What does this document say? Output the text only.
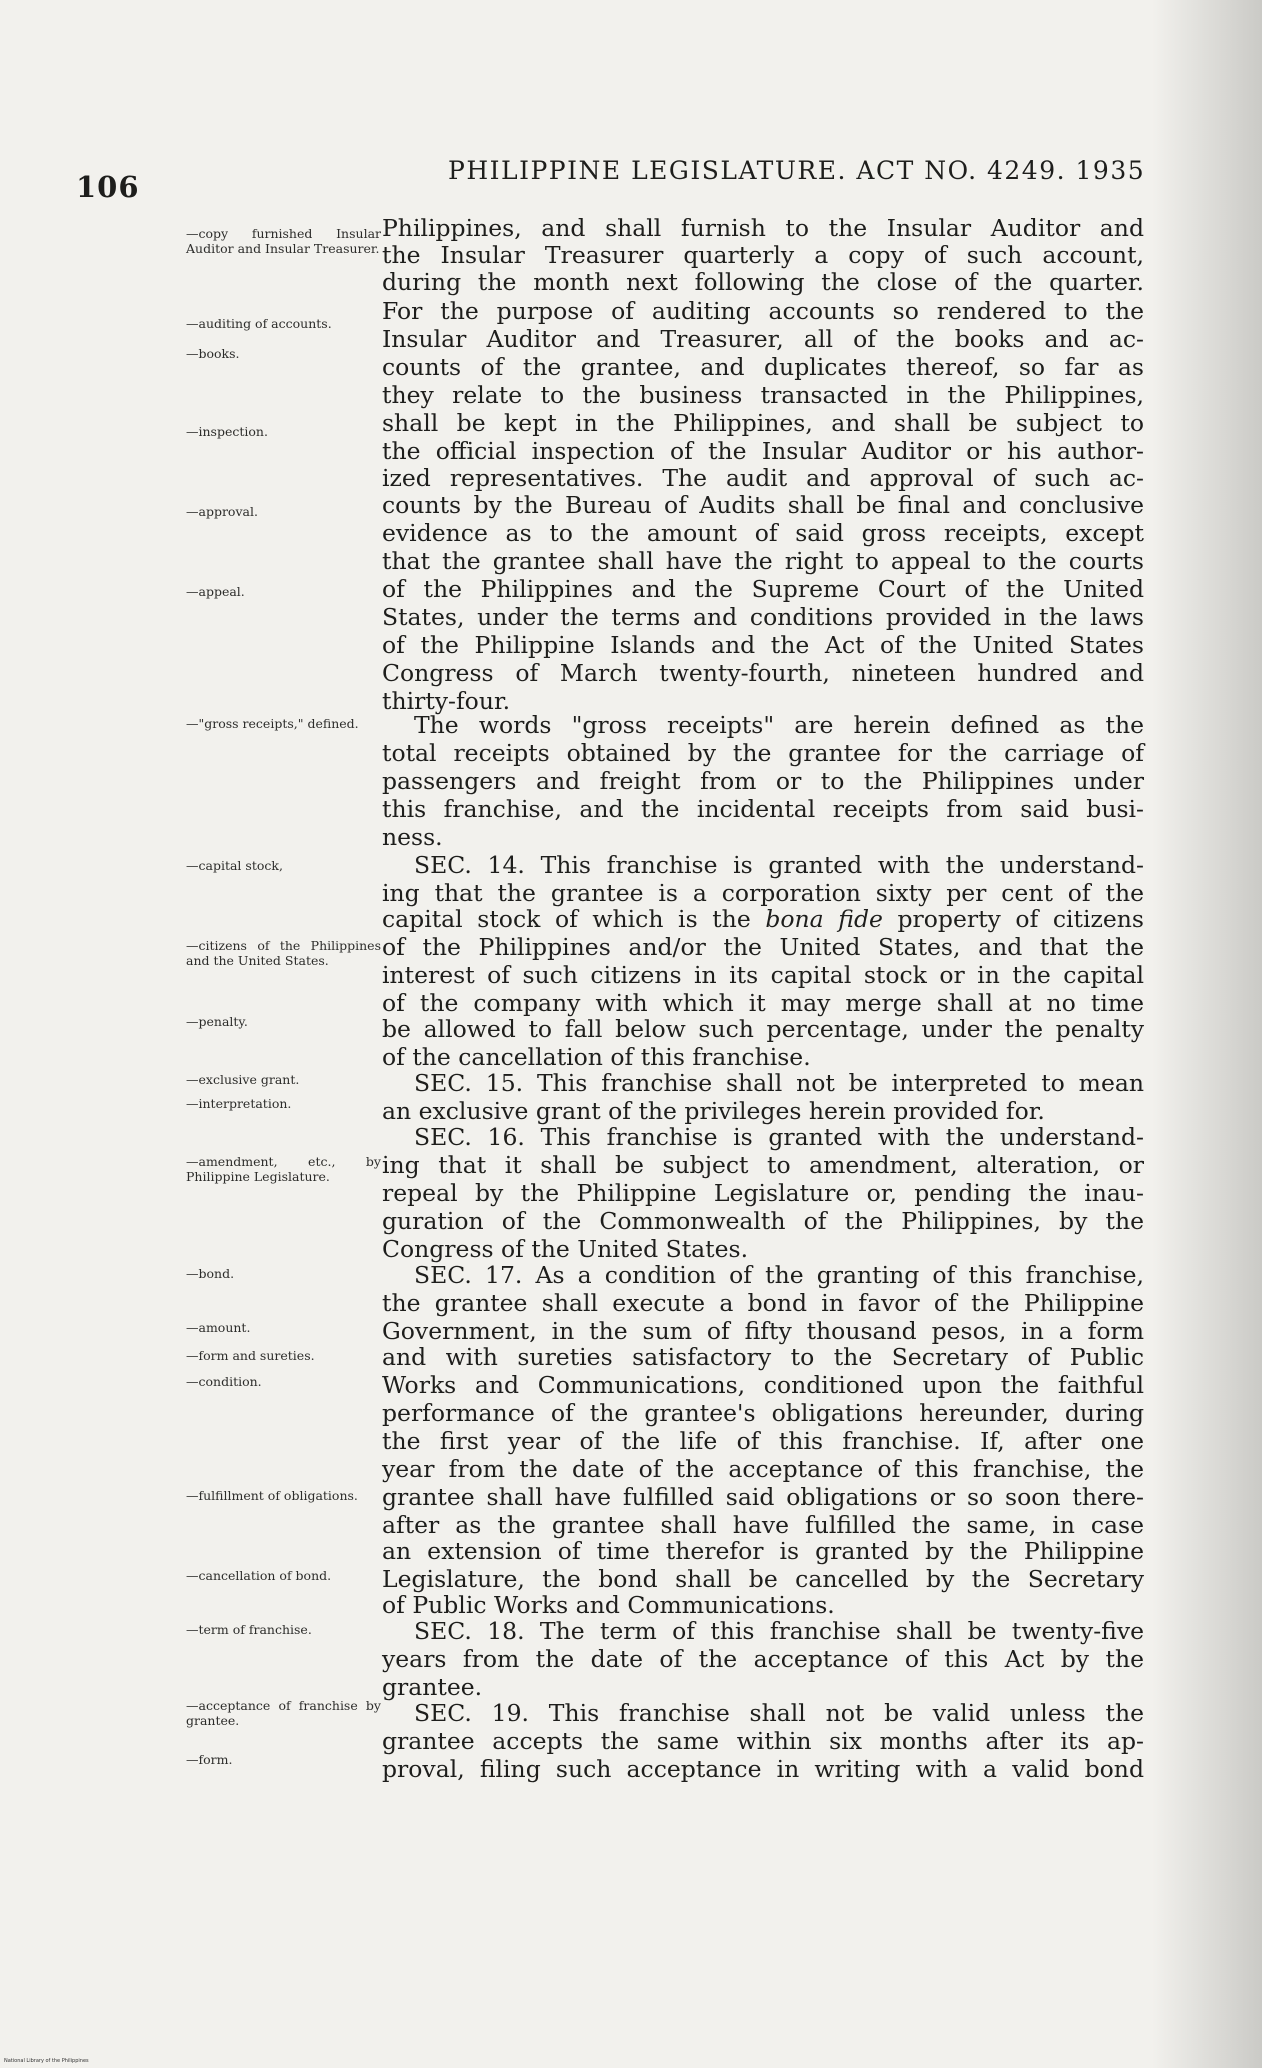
106	PHILIPPINE LEGISLATURE. ACT NO. 4249. 1935
—copy furnished Insular Auditor and Insular Treasurer.
—auditing of accounts.
—books.
—inspection.
—approval.
—appeal.
—"gross receipts," defined.
—capital stock,
—citizens of the Philippines and the United States.
—penalty.
—exclusive grant.
—interpretation.
—amendment, etc., by Philippine Legislature.
—bond.
—amount.
—form and sureties.
—condition.
—fulfillment of obligations.
—cancellation of bond.
—term of franchise.
—acceptance of franchise by grantee.
—form.
Philippines, and shall furnish to the Insular Auditor and
the Insular Treasurer quarterly a copy of such account,
during the month next following the close of the quarter.
For the purpose of auditing accounts so rendered to the
Insular Auditor and Treasurer, all of the books and ac-
counts of the grantee, and duplicates thereof, so far as
they relate to the business transacted in the Philippines,
shall be kept in the Philippines, and shall be subject to
the official inspection of the Insular Auditor or his author-
ized representatives. The audit and approval of such ac-
counts by the Bureau of Audits shall be final and conclusive
evidence as to the amount of said gross receipts, except
that the grantee shall have the right to appeal to the courts
of the Philippines and the Supreme Court of the United
States, under the terms and conditions provided in the laws
of the Philippine Islands and the Act of the United States
Congress of March twenty-fourth, nineteen hundred and
thirty-four.
The words "gross receipts" are herein defined as the
total receipts obtained by the grantee for the carriage of
passengers and freight from or to the Philippines under
this franchise, and the incidental receipts from said busi-
ness.
SEC. 14. This franchise is granted with the understand-
ing that the grantee is a corporation sixty per cent of the
capital stock of which is the bona fide property of citizens
of the Philippines and/or the United States, and that the
interest of such citizens in its capital stock or in the capital
of the company with which it may merge shall at no time
be allowed to fall below such percentage, under the penalty
of the cancellation of this franchise.
SEC. 15. This franchise shall not be interpreted to mean
an exclusive grant of the privileges herein provided for.
SEC. 16. This franchise is granted with the understand-
ing that it shall be subject to amendment, alteration, or
repeal by the Philippine Legislature or, pending the inau-
guration of the Commonwealth of the Philippines, by the
Congress of the United States.
SEC. 17. As a condition of the granting of this franchise,
the grantee shall execute a bond in favor of the Philippine
Government, in the sum of fifty thousand pesos, in a form
and with sureties satisfactory to the Secretary of Public
Works and Communications, conditioned upon the faithful
performance of the grantee's obligations hereunder, during
the first year of the life of this franchise. If, after one
year from the date of the acceptance of this franchise, the
grantee shall have fulfilled said obligations or so soon there-
after as the grantee shall have fulfilled the same, in case
an extension of time therefor is granted by the Philippine
Legislature, the bond shall be cancelled by the Secretary
of Public Works and Communications.
SEC. 18. The term of this franchise shall be twenty-five
years from the date of the acceptance of this Act by the
grantee.
SEC. 19. This franchise shall not be valid unless the
grantee accepts the same within six months after its ap-
proval, filing such acceptance in writing with a valid bond
National Library of the Philippines
